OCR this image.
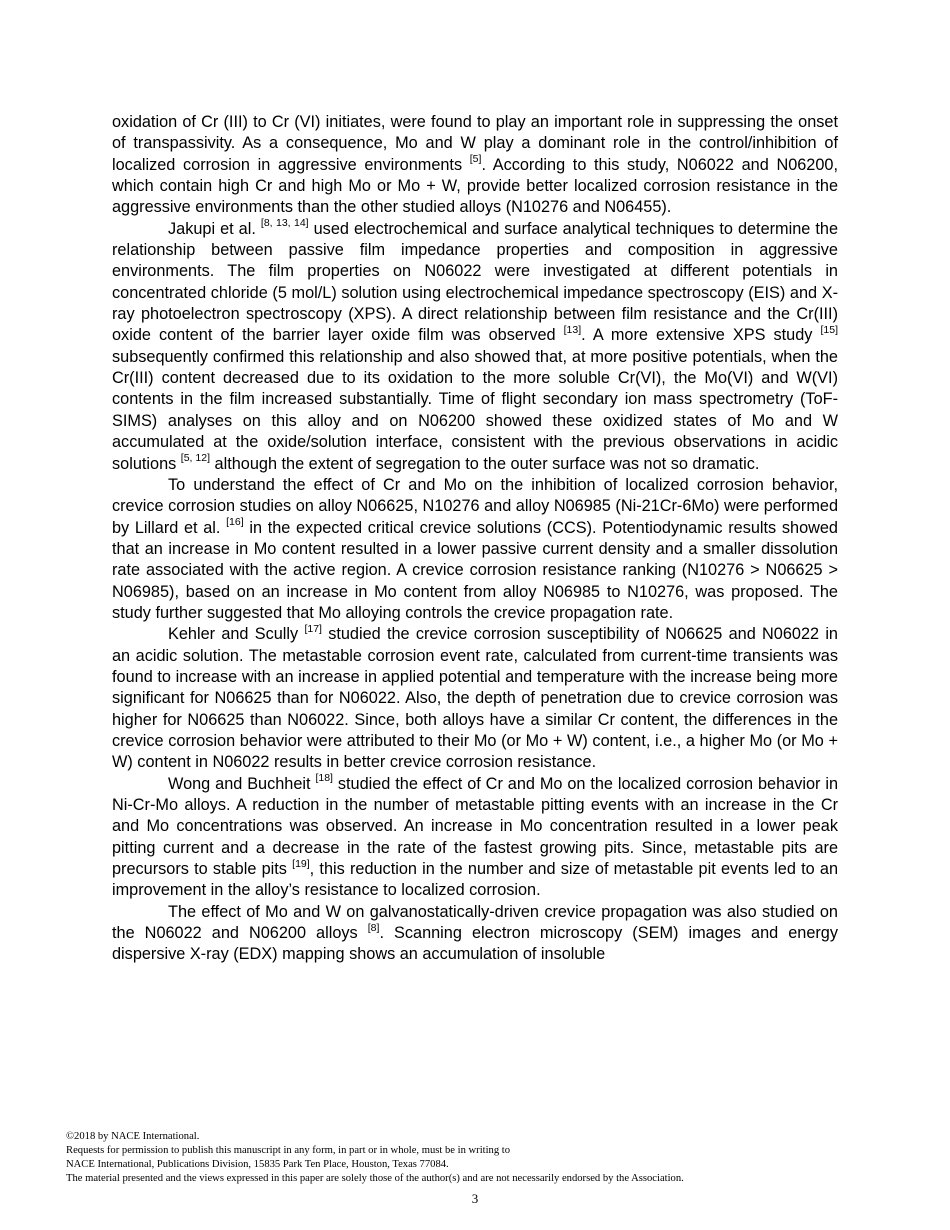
oxidation of Cr (III) to Cr (VI) initiates, were found to play an important role in suppressing the onset of transpassivity. As a consequence, Mo and W play a dominant role in the control/inhibition of localized corrosion in aggressive environments [5]. According to this study, N06022 and N06200, which contain high Cr and high Mo or Mo + W, provide better localized corrosion resistance in the aggressive environments than the other studied alloys (N10276 and N06455).

Jakupi et al. [8, 13, 14] used electrochemical and surface analytical techniques to determine the relationship between passive film impedance properties and composition in aggressive environments. The film properties on N06022 were investigated at different potentials in concentrated chloride (5 mol/L) solution using electrochemical impedance spectroscopy (EIS) and X-ray photoelectron spectroscopy (XPS). A direct relationship between film resistance and the Cr(III) oxide content of the barrier layer oxide film was observed [13]. A more extensive XPS study [15] subsequently confirmed this relationship and also showed that, at more positive potentials, when the Cr(III) content decreased due to its oxidation to the more soluble Cr(VI), the Mo(VI) and W(VI) contents in the film increased substantially. Time of flight secondary ion mass spectrometry (ToF-SIMS) analyses on this alloy and on N06200 showed these oxidized states of Mo and W accumulated at the oxide/solution interface, consistent with the previous observations in acidic solutions [5, 12] although the extent of segregation to the outer surface was not so dramatic.

To understand the effect of Cr and Mo on the inhibition of localized corrosion behavior, crevice corrosion studies on alloy N06625, N10276 and alloy N06985 (Ni-21Cr-6Mo) were performed by Lillard et al. [16] in the expected critical crevice solutions (CCS). Potentiodynamic results showed that an increase in Mo content resulted in a lower passive current density and a smaller dissolution rate associated with the active region. A crevice corrosion resistance ranking (N10276 > N06625 > N06985), based on an increase in Mo content from alloy N06985 to N10276, was proposed. The study further suggested that Mo alloying controls the crevice propagation rate.

Kehler and Scully [17] studied the crevice corrosion susceptibility of N06625 and N06022 in an acidic solution. The metastable corrosion event rate, calculated from current-time transients was found to increase with an increase in applied potential and temperature with the increase being more significant for N06625 than for N06022. Also, the depth of penetration due to crevice corrosion was higher for N06625 than N06022. Since, both alloys have a similar Cr content, the differences in the crevice corrosion behavior were attributed to their Mo (or Mo + W) content, i.e., a higher Mo (or Mo + W) content in N06022 results in better crevice corrosion resistance.

Wong and Buchheit [18] studied the effect of Cr and Mo on the localized corrosion behavior in Ni-Cr-Mo alloys. A reduction in the number of metastable pitting events with an increase in the Cr and Mo concentrations was observed. An increase in Mo concentration resulted in a lower peak pitting current and a decrease in the rate of the fastest growing pits. Since, metastable pits are precursors to stable pits [19], this reduction in the number and size of metastable pit events led to an improvement in the alloy’s resistance to localized corrosion.

The effect of Mo and W on galvanostatically-driven crevice propagation was also studied on the N06022 and N06200 alloys [8]. Scanning electron microscopy (SEM) images and energy dispersive X-ray (EDX) mapping shows an accumulation of insoluble

©2018 by NACE International.
Requests for permission to publish this manuscript in any form, in part or in whole, must be in writing to
NACE International, Publications Division, 15835 Park Ten Place, Houston, Texas 77084.
The material presented and the views expressed in this paper are solely those of the author(s) and are not necessarily endorsed by the Association.
3
